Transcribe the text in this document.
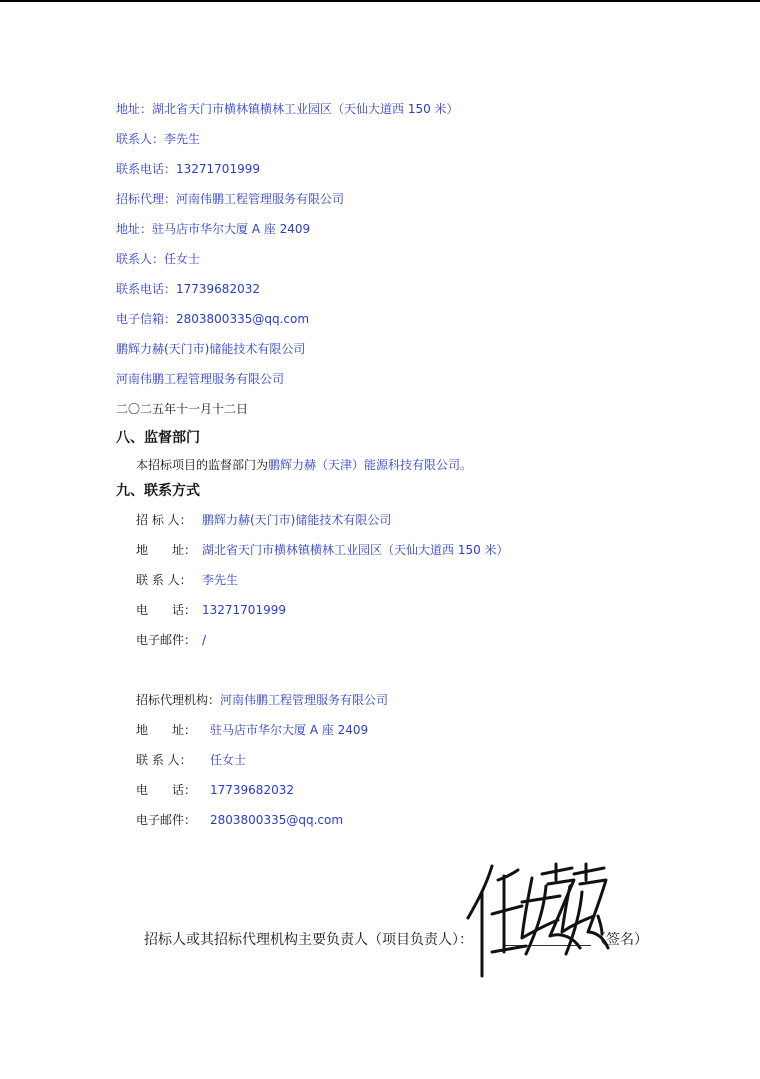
地址：湖北省天门市横林镇横林工业园区（天仙大道西 150 米）
联系人：李先生
联系电话：13271701999
招标代理：河南伟鹏工程管理服务有限公司
地址：驻马店市华尔大厦 A 座 2409
联系人：任女士
联系电话：17739682032
电子信箱：2803800335@qq.com
鹏辉力赫(天门市)储能技术有限公司
河南伟鹏工程管理服务有限公司
二〇二五年十一月十二日
八、监督部门
本招标项目的监督部门为鹏辉力赫（天津）能源科技有限公司。
九、联系方式
招 标 人： 鹏辉力赫(天门市)储能技术有限公司
地　　址： 湖北省天门市横林镇横林工业园区（天仙大道西 150 米）
联 系 人： 李先生
电　　话： 13271701999
电子邮件： /
招标代理机构：河南伟鹏工程管理服务有限公司
地　　址： 驻马店市华尔大厦 A 座 2409
联 系 人： 任女士
电　　话： 17739682032
电子邮件： 2803800335@qq.com
招标人或其招标代理机构主要负责人（项目负责人）：	（签名）
